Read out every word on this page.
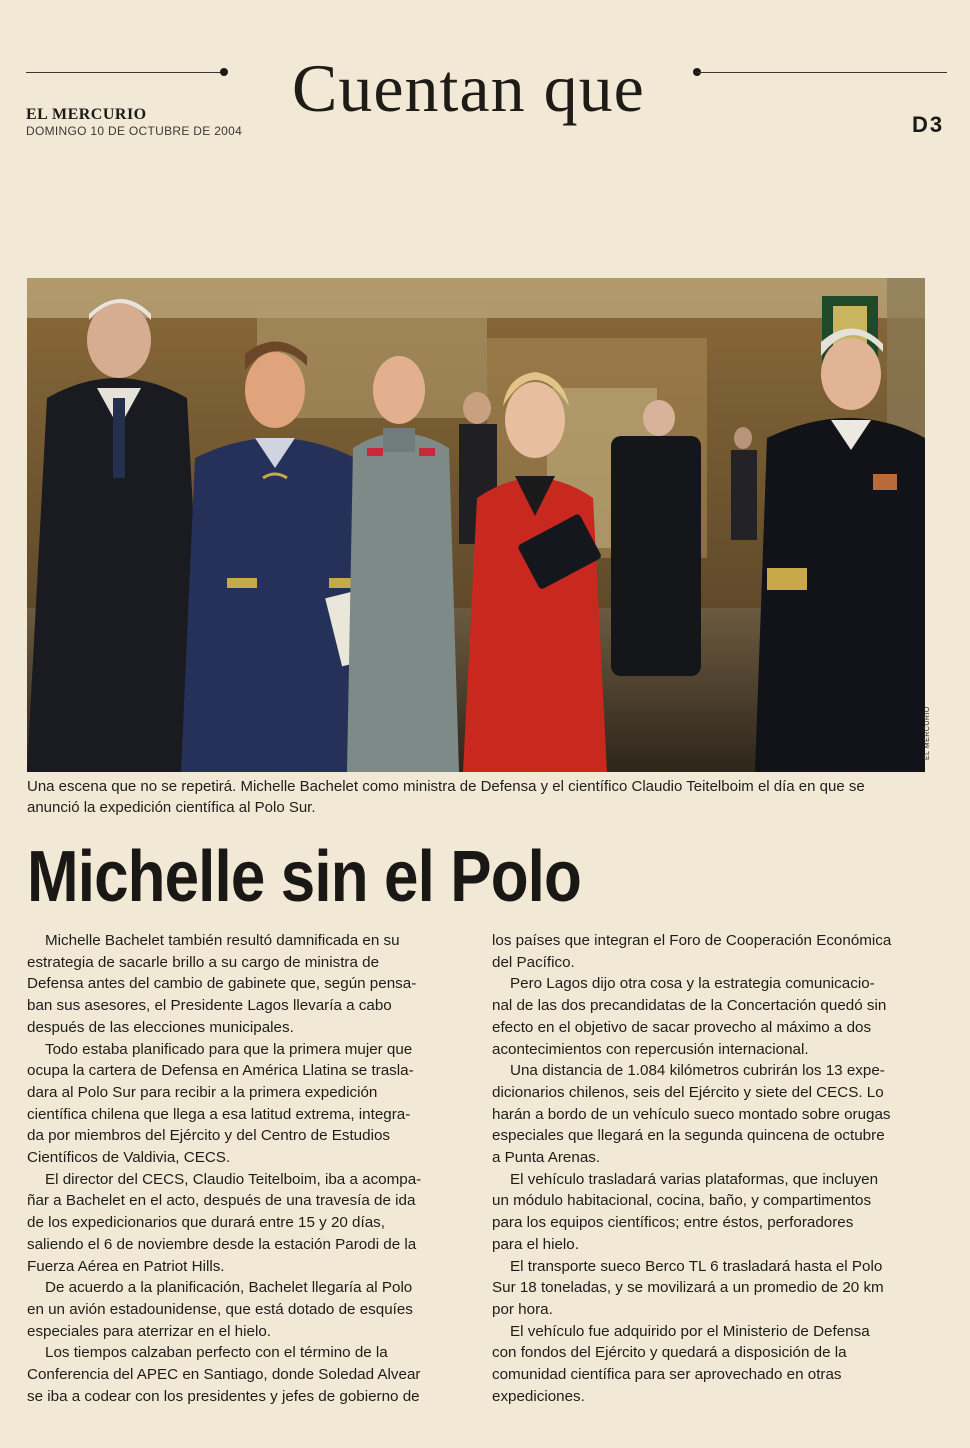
Cuentan que
EL MERCURIO
DOMINGO 10 DE OCTUBRE DE 2004	D3
EL MERCURIO
Una escena que no se repetirá. Michelle Bachelet como ministra de Defensa y el científico Claudio Teitelboim el día en que se
anunció la expedición científica al Polo Sur.
Michelle sin el Polo
Michelle Bachelet también resultó damnificada en su
estrategia de sacarle brillo a su cargo de ministra de
Defensa antes del cambio de gabinete que, según pensa-
ban sus asesores, el Presidente Lagos llevaría a cabo
después de las elecciones municipales.
Todo estaba planificado para que la primera mujer que
ocupa la cartera de Defensa en América Llatina se trasla-
dara al Polo Sur para recibir a la primera expedición
científica chilena que llega a esa latitud extrema, integra-
da por miembros del Ejército y del Centro de Estudios
Científicos de Valdivia, CECS.
El director del CECS, Claudio Teitelboim, iba a acompa-
ñar a Bachelet en el acto, después de una travesía de ida
de los expedicionarios que durará entre 15 y 20 días,
saliendo el 6 de noviembre desde la estación Parodi de la
Fuerza Aérea en Patriot Hills.
De acuerdo a la planificación, Bachelet llegaría al Polo
en un avión estadounidense, que está dotado de esquíes
especiales para aterrizar en el hielo.
Los tiempos calzaban perfecto con el término de la
Conferencia del APEC en Santiago, donde Soledad Alvear
se iba a codear con los presidentes y jefes de gobierno de
los países que integran el Foro de Cooperación Económica
del Pacífico.
Pero Lagos dijo otra cosa y la estrategia comunicacio-
nal de las dos precandidatas de la Concertación quedó sin
efecto en el objetivo de sacar provecho al máximo a dos
acontecimientos con repercusión internacional.
Una distancia de 1.084 kilómetros cubrirán los 13 expe-
dicionarios chilenos, seis del Ejército y siete del CECS. Lo
harán a bordo de un vehículo sueco montado sobre orugas
especiales que llegará en la segunda quincena de octubre
a Punta Arenas.
El vehículo trasladará varias plataformas, que incluyen
un módulo habitacional, cocina, baño, y compartimentos
para los equipos científicos; entre éstos, perforadores
para el hielo.
El transporte sueco Berco TL 6 trasladará hasta el Polo
Sur 18 toneladas, y se movilizará a un promedio de 20 km
por hora.
El vehículo fue adquirido por el Ministerio de Defensa
con fondos del Ejército y quedará a disposición de la
comunidad científica para ser aprovechado en otras
expediciones.
